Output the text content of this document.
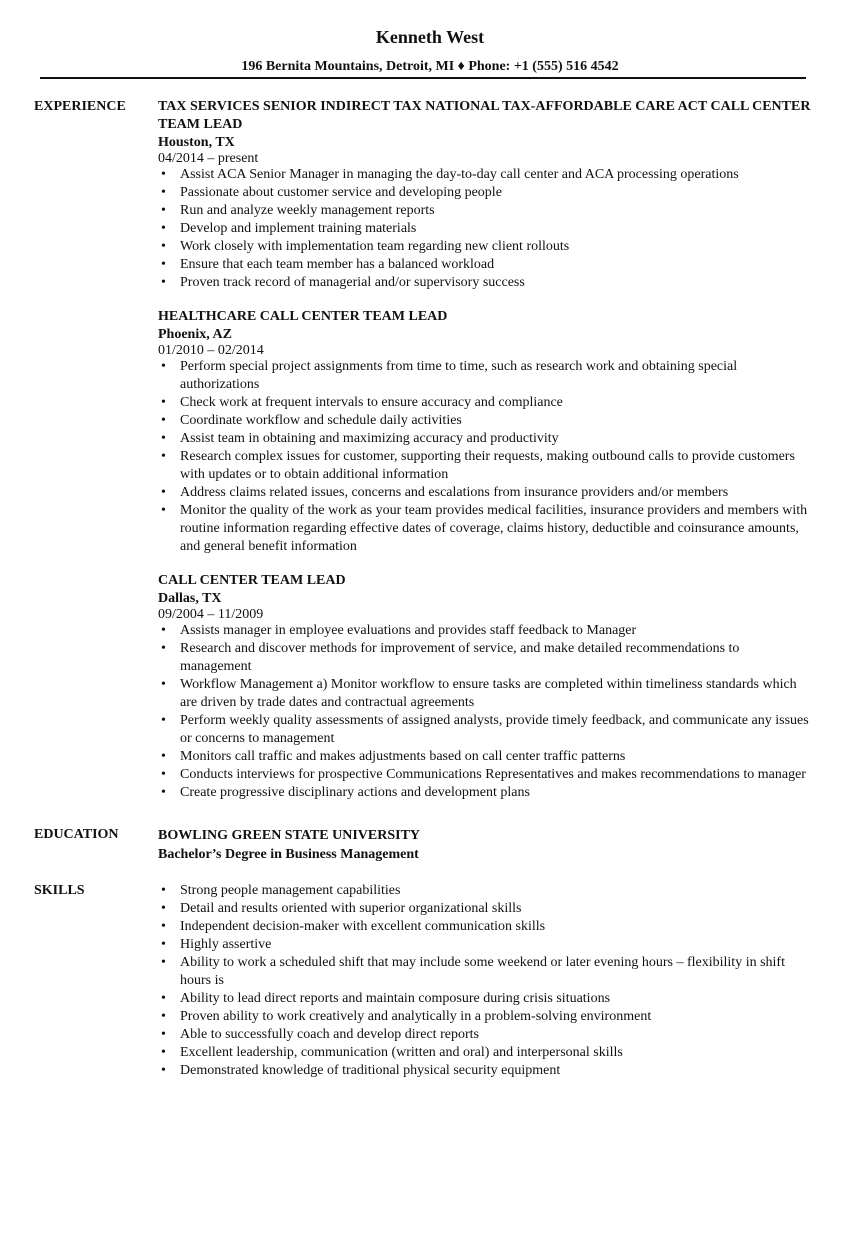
Kenneth West
196 Bernita Mountains, Detroit, MI ♦ Phone: +1 (555) 516 4542
EXPERIENCE	TAX SERVICES SENIOR INDIRECT TAX NATIONAL TAX-AFFORDABLE CARE ACT CALL CENTER TEAM LEAD
Houston, TX
04/2014 – present
• Assist ACA Senior Manager in managing the day-to-day call center and ACA processing operations
• Passionate about customer service and developing people
• Run and analyze weekly management reports
• Develop and implement training materials
• Work closely with implementation team regarding new client rollouts
• Ensure that each team member has a balanced workload
• Proven track record of managerial and/or supervisory success
HEALTHCARE CALL CENTER TEAM LEAD
Phoenix, AZ
01/2010 – 02/2014
• Perform special project assignments from time to time, such as research work and obtaining special authorizations
• Check work at frequent intervals to ensure accuracy and compliance
• Coordinate workflow and schedule daily activities
• Assist team in obtaining and maximizing accuracy and productivity
• Research complex issues for customer, supporting their requests, making outbound calls to provide customers with updates or to obtain additional information
• Address claims related issues, concerns and escalations from insurance providers and/or members
• Monitor the quality of the work as your team provides medical facilities, insurance providers and members with routine information regarding effective dates of coverage, claims history, deductible and coinsurance amounts, and general benefit information
CALL CENTER TEAM LEAD
Dallas, TX
09/2004 – 11/2009
• Assists manager in employee evaluations and provides staff feedback to Manager
• Research and discover methods for improvement of service, and make detailed recommendations to management
• Workflow Management a) Monitor workflow to ensure tasks are completed within timeliness standards which are driven by trade dates and contractual agreements
• Perform weekly quality assessments of assigned analysts, provide timely feedback, and communicate any issues or concerns to management
• Monitors call traffic and makes adjustments based on call center traffic patterns
• Conducts interviews for prospective Communications Representatives and makes recommendations to manager
• Create progressive disciplinary actions and development plans
EDUCATION	BOWLING GREEN STATE UNIVERSITY
Bachelor’s Degree in Business Management
SKILLS	• Strong people management capabilities
• Detail and results oriented with superior organizational skills
• Independent decision-maker with excellent communication skills
• Highly assertive
• Ability to work a scheduled shift that may include some weekend or later evening hours – flexibility in shift hours is
• Ability to lead direct reports and maintain composure during crisis situations
• Proven ability to work creatively and analytically in a problem-solving environment
• Able to successfully coach and develop direct reports
• Excellent leadership, communication (written and oral) and interpersonal skills
• Demonstrated knowledge of traditional physical security equipment
